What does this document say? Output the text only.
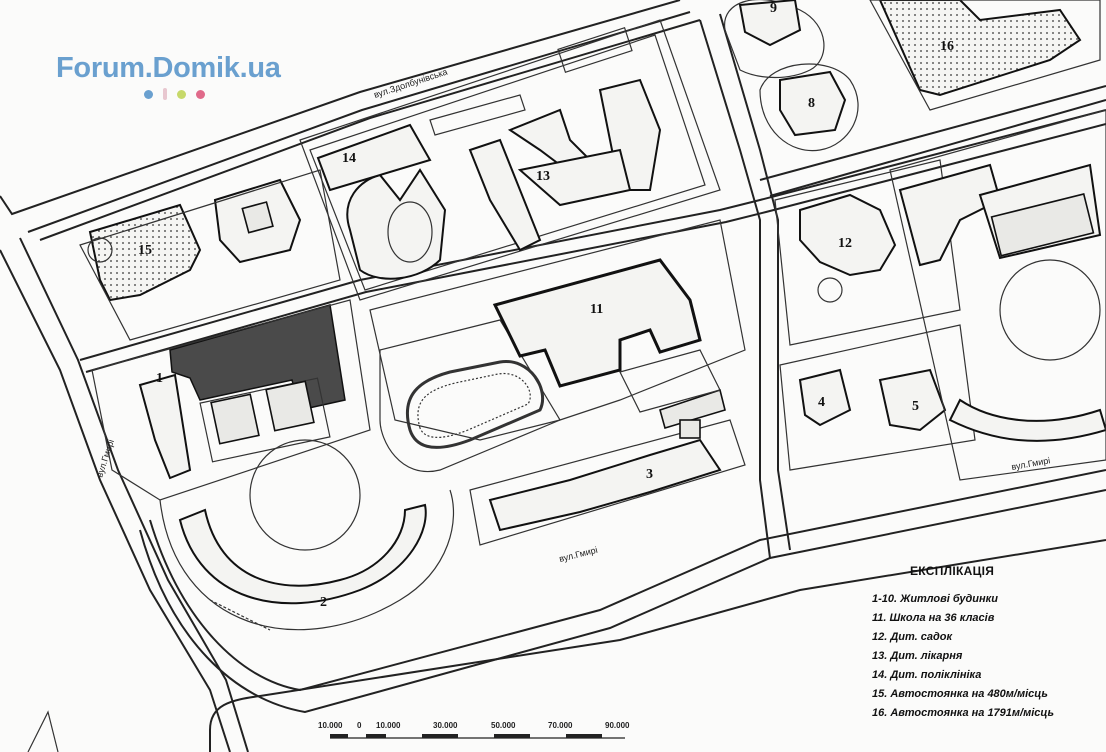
1
2
3
4	5
8
9
11
12
13
14
15
16
вул.Здолбунівська
вул.Гмирі
вул.Гмирі
вул.Гмирі
10.000 0 10.000	30.000	50.000	70.000	90.000
Forum.Domik.ua
ЕКСПЛІКАЦІЯ
1-10. Житлові будинки
11. Школа на 36 класів
12. Дит. садок
13. Дит. лікарня
14. Дит. поліклініка
15. Автостоянка на 480м/місць
16. Автостоянка на 1791м/місць
